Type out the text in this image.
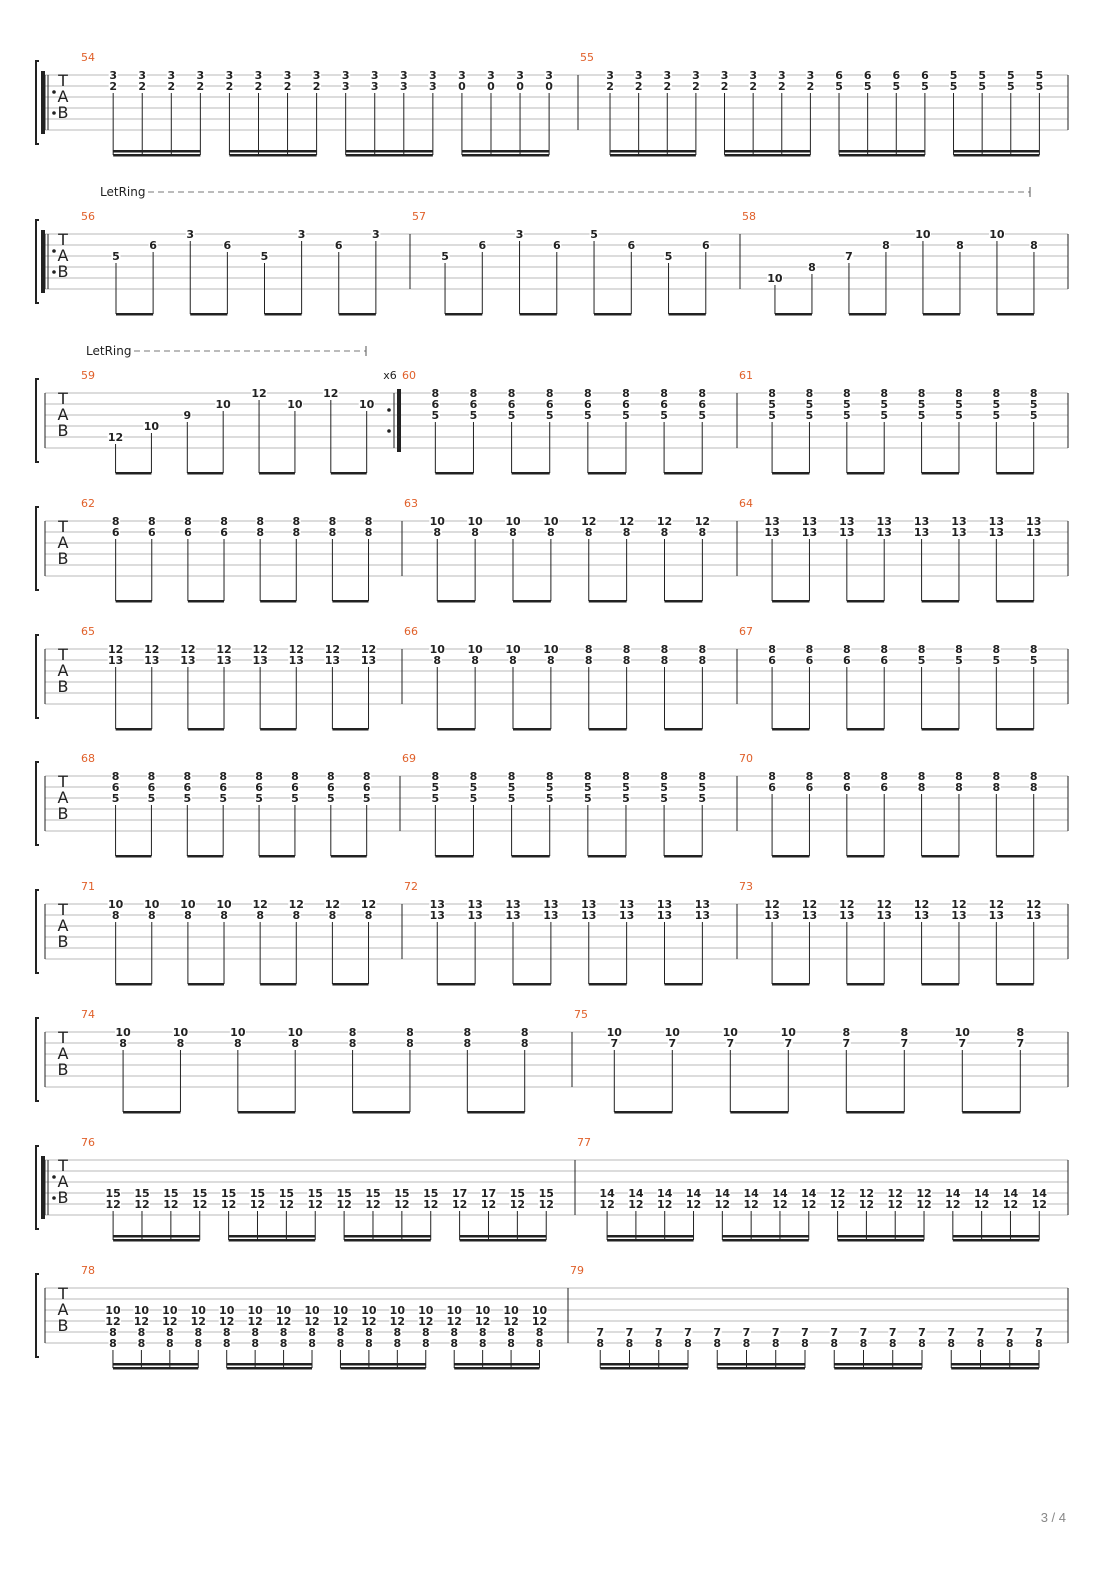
T
A
B
54
3
2
3
2
3
2
3
2
3
2
3
2
3
2
3
2
3
3
3
3
3
3
3
3
3
0
3
0
3
0
3
0
55
3
2
3
2
3
2
3
2
3
2
3
2
3
2
3
2
6
5
6
5
6
5
6
5
5
5
5
5
5
5
5
5
T
A
B
LetRing
56
5
6
3
6
5
3
6
3
57
5
6
3
6
5
6
5
6
58
10
8
7
8
10
8
10
8
T
A
B
LetRing
x6
59
12
10
9
10
12
10
12
10
60
8
6
5
8
6
5
8
6
5
8
6
5
8
6
5
8
6
5
8
6
5
8
6
5
61
8
5
5
8
5
5
8
5
5
8
5
5
8
5
5
8
5
5
8
5
5
8
5
5
T
A
B
62
8
6
8
6
8
6
8
6
8
8
8
8
8
8
8
8
63
10
8
10
8
10
8
10
8
12
8
12
8
12
8
12
8
64
13
13
13
13
13
13
13
13
13
13
13
13
13
13
13
13
T
A
B
65
12
13
12
13
12
13
12
13
12
13
12
13
12
13
12
13
66
10
8
10
8
10
8
10
8
8
8
8
8
8
8
8
8
67
8
6
8
6
8
6
8
6
8
5
8
5
8
5
8
5
T
A
B
68
8
6
5
8
6
5
8
6
5
8
6
5
8
6
5
8
6
5
8
6
5
8
6
5
69
8
5
5
8
5
5
8
5
5
8
5
5
8
5
5
8
5
5
8
5
5
8
5
5
70
8
6
8
6
8
6
8
6
8
8
8
8
8
8
8
8
T
A
B
71
10
8
10
8
10
8
10
8
12
8
12
8
12
8
12
8
72
13
13
13
13
13
13
13
13
13
13
13
13
13
13
13
13
73
12
13
12
13
12
13
12
13
12
13
12
13
12
13
12
13
T
A
B
74
10
8
10
8
10
8
10
8
8
8
8
8
8
8
8
8
75
10
7
10
7
10
7
10
7
8
7
8
7
10
7
8
7
T
A
B
76
15
12
15
12
15
12
15
12
15
12
15
12
15
12
15
12
15
12
15
12
15
12
15
12
17
12
17
12
15
12
15
12
77
14
12
14
12
14
12
14
12
14
12
14
12
14
12
14
12
12
12
12
12
12
12
12
12
14
12
14
12
14
12
14
12
T
A
B
78
10
12
8
8
10
12
8
8
10
12
8
8
10
12
8
8
10
12
8
8
10
12
8
8
10
12
8
8
10
12
8
8
10
12
8
8
10
12
8
8
10
12
8
8
10
12
8
8
10
12
8
8
10
12
8
8
10
12
8
8
10
12
8
8
79
7
8
7
8
7
8
7
8
7
8
7
8
7
8
7
8
7
8
7
8
7
8
7
8
7
8
7
8
7
8
7
8
3 / 4
